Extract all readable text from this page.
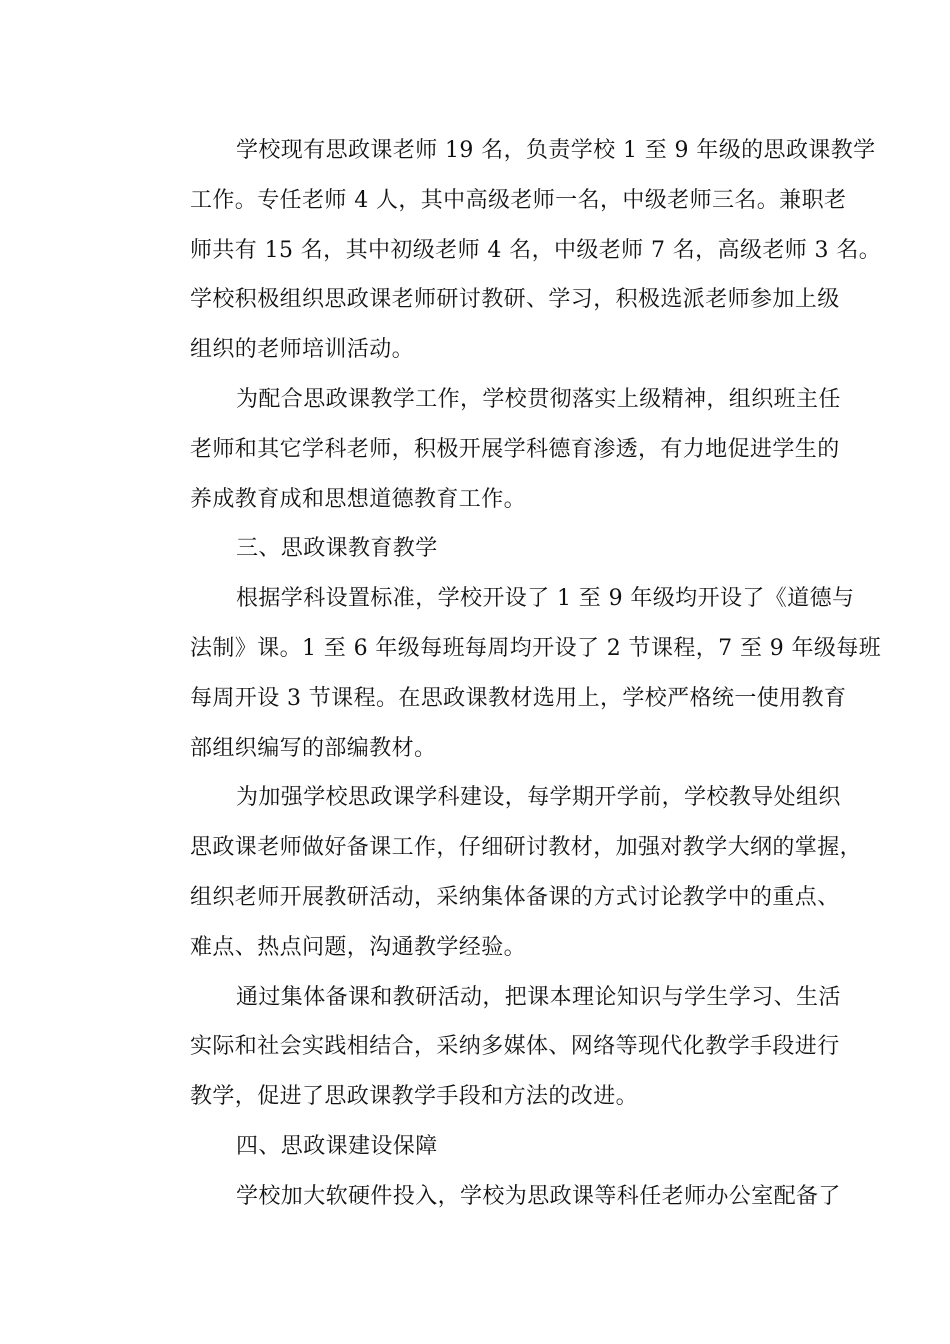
学校现有思政课老师 19 名，负责学校 1 至 9 年级的思政课教学
工作。专任老师 4 人，其中高级老师一名，中级老师三名。兼职老
师共有 15 名，其中初级老师 4 名，中级老师 7 名，高级老师 3 名。
学校积极组织思政课老师研讨教研、学习，积极选派老师参加上级
组织的老师培训活动。
为配合思政课教学工作，学校贯彻落实上级精神，组织班主任
老师和其它学科老师，积极开展学科德育渗透，有力地促进学生的
养成教育成和思想道德教育工作。
三、思政课教育教学
根据学科设置标准，学校开设了 1 至 9 年级均开设了《道德与
法制》课。1 至 6 年级每班每周均开设了 2 节课程，7 至 9 年级每班
每周开设 3 节课程。在思政课教材选用上，学校严格统一使用教育
部组织编写的部编教材。
为加强学校思政课学科建设，每学期开学前，学校教导处组织
思政课老师做好备课工作，仔细研讨教材，加强对教学大纲的掌握，
组织老师开展教研活动，采纳集体备课的方式讨论教学中的重点、
难点、热点问题，沟通教学经验。
通过集体备课和教研活动，把课本理论知识与学生学习、生活
实际和社会实践相结合，采纳多媒体、网络等现代化教学手段进行
教学，促进了思政课教学手段和方法的改进。
四、思政课建设保障
学校加大软硬件投入，学校为思政课等科任老师办公室配备了
